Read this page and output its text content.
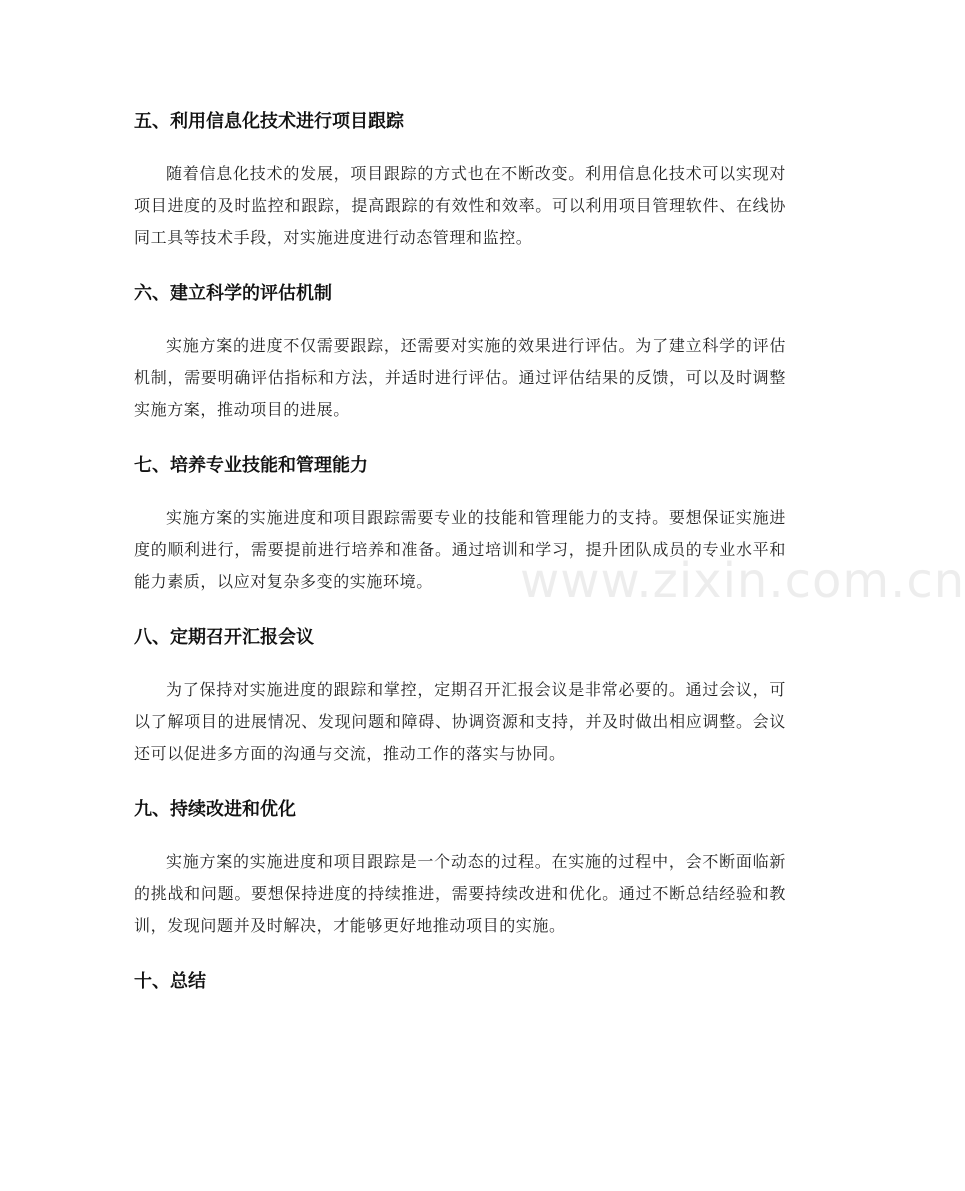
五、利用信息化技术进行项目跟踪

随着信息化技术的发展，项目跟踪的方式也在不断改变。利用信息化技术可以实现对项目进度的及时监控和跟踪，提高跟踪的有效性和效率。可以利用项目管理软件、在线协同工具等技术手段，对实施进度进行动态管理和监控。

六、建立科学的评估机制

实施方案的进度不仅需要跟踪，还需要对实施的效果进行评估。为了建立科学的评估机制，需要明确评估指标和方法，并适时进行评估。通过评估结果的反馈，可以及时调整实施方案，推动项目的进展。

七、培养专业技能和管理能力

实施方案的实施进度和项目跟踪需要专业的技能和管理能力的支持。要想保证实施进度的顺利进行，需要提前进行培养和准备。通过培训和学习，提升团队成员的专业水平和能力素质，以应对复杂多变的实施环境。

八、定期召开汇报会议

为了保持对实施进度的跟踪和掌控，定期召开汇报会议是非常必要的。通过会议，可以了解项目的进展情况、发现问题和障碍、协调资源和支持，并及时做出相应调整。会议还可以促进多方面的沟通与交流，推动工作的落实与协同。

九、持续改进和优化

实施方案的实施进度和项目跟踪是一个动态的过程。在实施的过程中，会不断面临新的挑战和问题。要想保持进度的持续推进，需要持续改进和优化。通过不断总结经验和教训，发现问题并及时解决，才能够更好地推动项目的实施。

十、总结
www.zixin.com.cn
